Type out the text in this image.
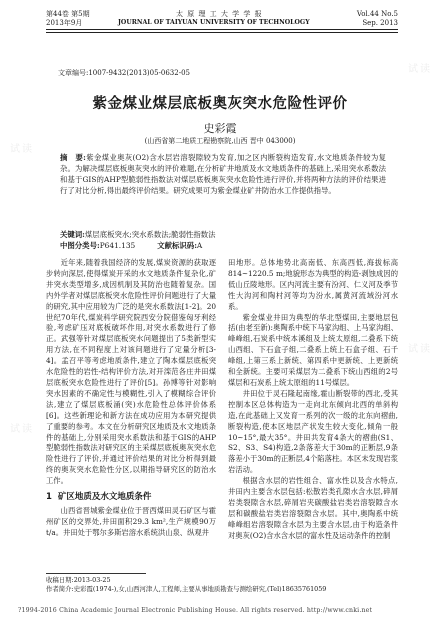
第44卷 第5期	太 原 理 工 大 学 学 报	Vol.44 No.5
2013年9月	JOURNAL OF TAIYUAN UNIVERSITY OF TECHNOLOGY	Sep. 2013
文章编号:1007-9432(2013)05-0632-05
紫金煤业煤层底板奥灰突水危险性评价
史彩霞
(山西省第二地质工程勘察院,山西 晋中 043000)
摘　要:紫金煤业奥灰(O2)含水层岩溶裂隙较为发育,加之区内断裂构造发育,水文地质条件较为复杂。为解决煤层底板奥灰突水的评价难题,在分析矿井地质及水文地质条件的基础上,采用突水系数法和基于GIS的AHP型脆弱性指数法对煤层底板奥灰突水危险性进行评价,并将两种方法的评价结果进行了对比分析,得出最终评价结果。研究成果可为紫金煤业矿井防治水工作提供指导。
关键词:煤层底板突水;突水系数法;脆弱性指数法
中图分类号:P641.135	文献标识码:A

近年来,随着我国经济的发展,煤炭资源的获取逐步转向深层,使得煤炭开采的水文地质条件复杂化,矿井突水类型增多,成因机制及其防治也随着复杂。国内外学者对煤层底板突水危险性评价问题进行了大量的研究,其中应用较为广泛的是突水系数法[1-2]。20世纪70年代,煤炭科学研究院西安分院借鉴匈牙利经验,考虑矿压对底板破坏作用,对突水系数进行了修正。武强等针对煤层底板突水问题提出了5类新型实用方法,在不同程度上对该问题进行了定量分析[3-4]。孟召平等考虑地质条件,建立了陶本煤层底板突水危险性的岩性-结构评价方法,对开滦范各庄井田煤层底板突水危险性进行了评价[5]。孙博等针对影响突水因素的不确定性与模糊性,引入了模糊综合评价法,建立了煤层底板涌(突)水危险性总体评价体系[6]。这些新理论和新方法在成功应用为本研究提供了重要的参考。本文在分析研究区地质及水文地质条件的基础上,分别采用突水系数法和基于GIS的AHP型脆弱性指数法对研究区的主采煤层底板奥灰突水危险性进行了评价,并通过评价结果的对比分析得到最终的奥灰突水危险性分区,以期指导研究区的防治水工作。

1 矿区地质及水文地质条件

山西省晋城紫金煤业位于晋西煤田灵石矿区与霍州矿区的交界处,井田面积29.3 km²,生产规模90万t/a。井田处于鄂尔多斯岩溶水系统洪山泉、纵观井

收稿日期:2013-03-25
作者简介:史彩霞(1974-),女,山西河津人,工程师,主要从事地质勘查与测绘研究,(Tel)18635761059

田地形。总体地势北高南低、东高西低,海拔标高814~1220.5 m;地貌形态为典型的构造-剥蚀成因的低山丘陵地形。区内河流主要有汾河、仁义河及季节性大沟河和陶村河等均为汾水,属黄河流域汾河水系。

紫金煤业井田为典型的华北型煤田,主要地层包括(由老至新):奥陶系中统下马家沟组、上马家沟组、峰峰组,石炭系中统本溪组及上统太原组,二叠系下统山西组、下石盒子组,二叠系上统上石盒子组、石千峰组,上第三系上新统、第四系中更新统、上更新统和全新统。主要可采煤层为二叠系下统山西组的2号煤层和石炭系上统太原组的11号煤层。

井田位于灵石隆起南缘,霍山断裂带的西北,受其控制本区总体构造为一走向北东倾向北西的单斜构造,在此基础上又发育一系列的次一级的北东向褶曲,断裂构造,使本区地层产状发生较大变化,倾角一般10~15°,最大35°。井田共发育4条大的褶曲(S1、S2、S3、S4)构造,2条落差大于30m的正断层,9条落差小于30m的正断层,4个陷落柱。本区未发现岩浆岩活动。

根据含水层的岩性组合、富水性以及含水特点,井田内主要含水层包括:松散岩类孔隙水含水层,碎屑岩类裂隙含水层,碎屑岩夹碳酸盐岩类岩溶裂隙含水层和碳酸盐岩类岩溶裂隙含水层。其中,奥陶系中统峰峰组岩溶裂隙含水层为主要含水层,由于构造条件对奥灰(O2)含水含水层的富水性及运动条件的控制

试读
试读
试读
试读
?1994-2016 China Academic Journal Electronic Publishing House. All rights reserved. http://www.cnki.net
